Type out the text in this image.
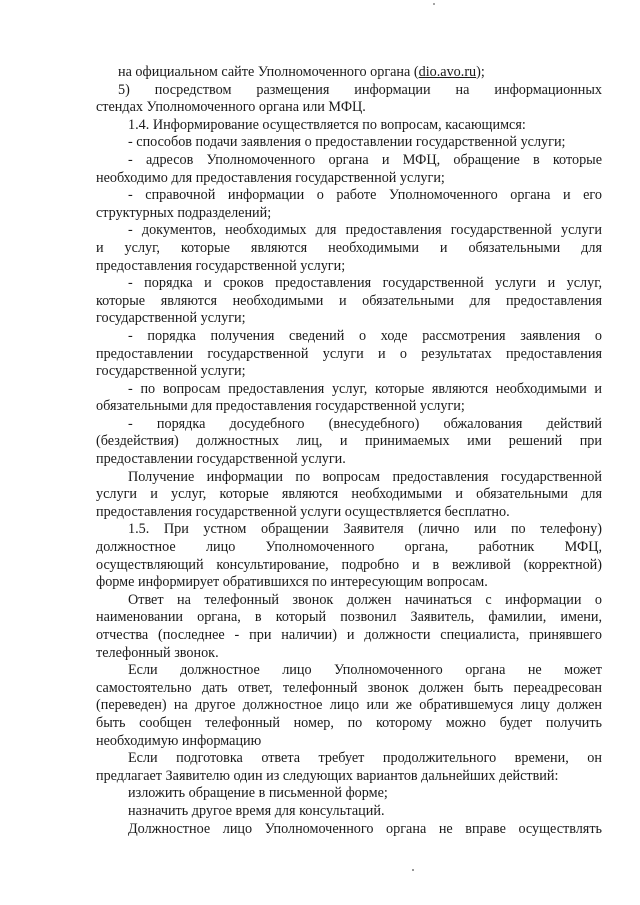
на официальном сайте Уполномоченного органа (dio.avo.ru);
5) посредством размещения информации на информационных
стендах Уполномоченного органа или МФЦ.
1.4. Информирование осуществляется по вопросам, касающимся:
- способов подачи заявления о предоставлении государственной услуги;
- адресов Уполномоченного органа и МФЦ, обращение в которые
необходимо для предоставления государственной услуги;
- справочной информации о работе Уполномоченного органа и его
структурных подразделений;
- документов, необходимых для предоставления государственной услуги
и услуг, которые являются необходимыми и обязательными для
предоставления государственной услуги;
- порядка и сроков предоставления государственной услуги и услуг,
которые являются необходимыми и обязательными для предоставления
государственной услуги;
- порядка получения сведений о ходе рассмотрения заявления о
предоставлении государственной услуги и о результатах предоставления
государственной услуги;
- по вопросам предоставления услуг, которые являются необходимыми и
обязательными для предоставления государственной услуги;
- порядка досудебного (внесудебного) обжалования действий
(бездействия) должностных лиц, и принимаемых ими решений при
предоставлении государственной услуги.
Получение информации по вопросам предоставления государственной
услуги и услуг, которые являются необходимыми и обязательными для
предоставления государственной услуги осуществляется бесплатно.
1.5. При устном обращении Заявителя (лично или по телефону)
должностное лицо Уполномоченного органа, работник МФЦ,
осуществляющий консультирование, подробно и в вежливой (корректной)
форме информирует обратившихся по интересующим вопросам.
Ответ на телефонный звонок должен начинаться с информации о
наименовании органа, в который позвонил Заявитель, фамилии, имени,
отчества (последнее - при наличии) и должности специалиста, принявшего
телефонный звонок.
Если должностное лицо Уполномоченного органа не может
самостоятельно дать ответ, телефонный звонок должен быть переадресован
(переведен) на другое должностное лицо или же обратившемуся лицу должен
быть сообщен телефонный номер, по которому можно будет получить
необходимую информацию
Если подготовка ответа требует продолжительного времени, он
предлагает Заявителю один из следующих вариантов дальнейших действий:
изложить обращение в письменной форме;
назначить другое время для консультаций.
Должностное лицо Уполномоченного органа не вправе осуществлять
